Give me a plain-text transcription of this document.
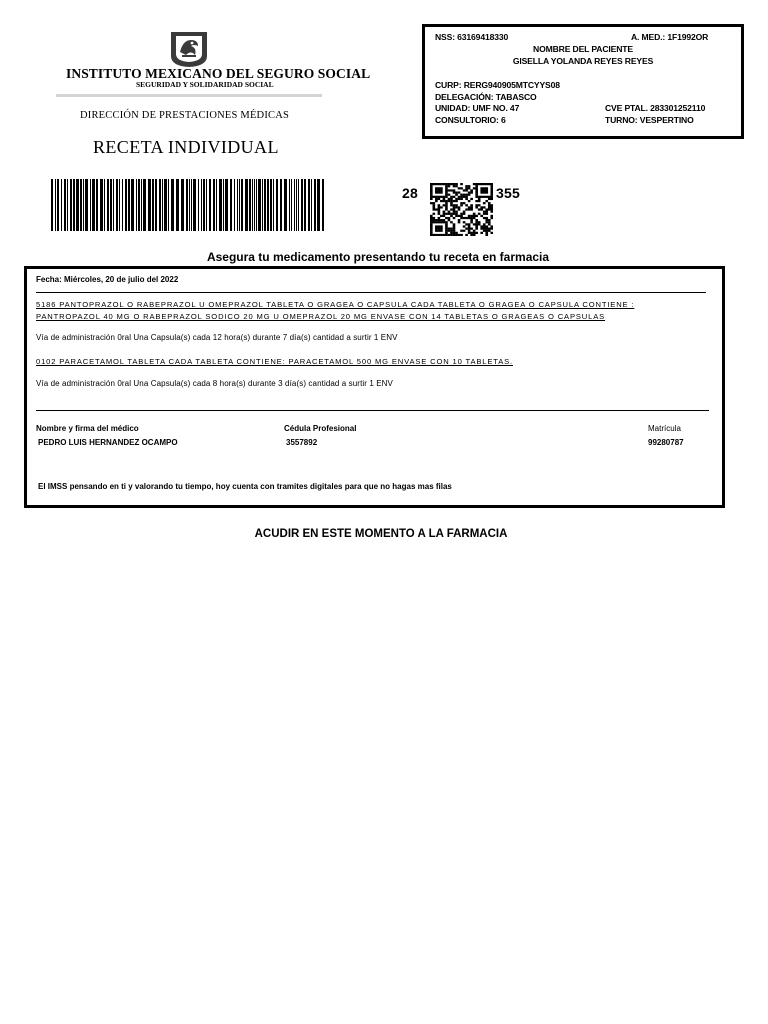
INSTITUTO MEXICANO DEL SEGURO SOCIAL
SEGURIDAD Y SOLIDARIDAD SOCIAL
DIRECCIÓN DE PRESTACIONES MÉDICAS
RECETA INDIVIDUAL
NSS: 63169418330	A. MED.: 1F1992OR
NOMBRE DEL PACIENTE
GISELLA YOLANDA REYES REYES
CURP: RERG940905MTCYYS08
DELEGACIÓN: TABASCO
UNIDAD: UMF NO. 47	CVE PTAL. 283301252110
CONSULTORIO: 6	TURNO: VESPERTINO
28	355
Asegura tu medicamento presentando tu receta en farmacia
Fecha: Miércoles, 20 de julio del 2022
5186 PANTOPRAZOL O RABEPRAZOL U OMEPRAZOL TABLETA O GRAGEA O CAPSULA CADA TABLETA O GRAGEA O CAPSULA CONTIENE :
PANTROPAZOL 40 MG O RABEPRAZOL SODICO 20 MG U OMEPRAZOL 20 MG ENVASE CON 14 TABLETAS O GRAGEAS O CAPSULAS
Vía de administración 0ral Una Capsula(s) cada 12 hora(s) durante 7 día(s) cantidad a surtir 1 ENV
0102 PARACETAMOL TABLETA CADA TABLETA CONTIENE: PARACETAMOL 500 MG ENVASE CON 10 TABLETAS.
Vía de administración 0ral Una Capsula(s) cada 8 hora(s) durante 3 día(s) cantidad a surtir 1 ENV
Nombre y firma del médico	Cédula Profesional	Matrícula
PEDRO LUIS HERNANDEZ OCAMPO	3557892	99280787
El IMSS pensando en ti y valorando tu tiempo, hoy cuenta con tramites digitales para que no hagas mas filas
ACUDIR EN ESTE MOMENTO A LA FARMACIA
